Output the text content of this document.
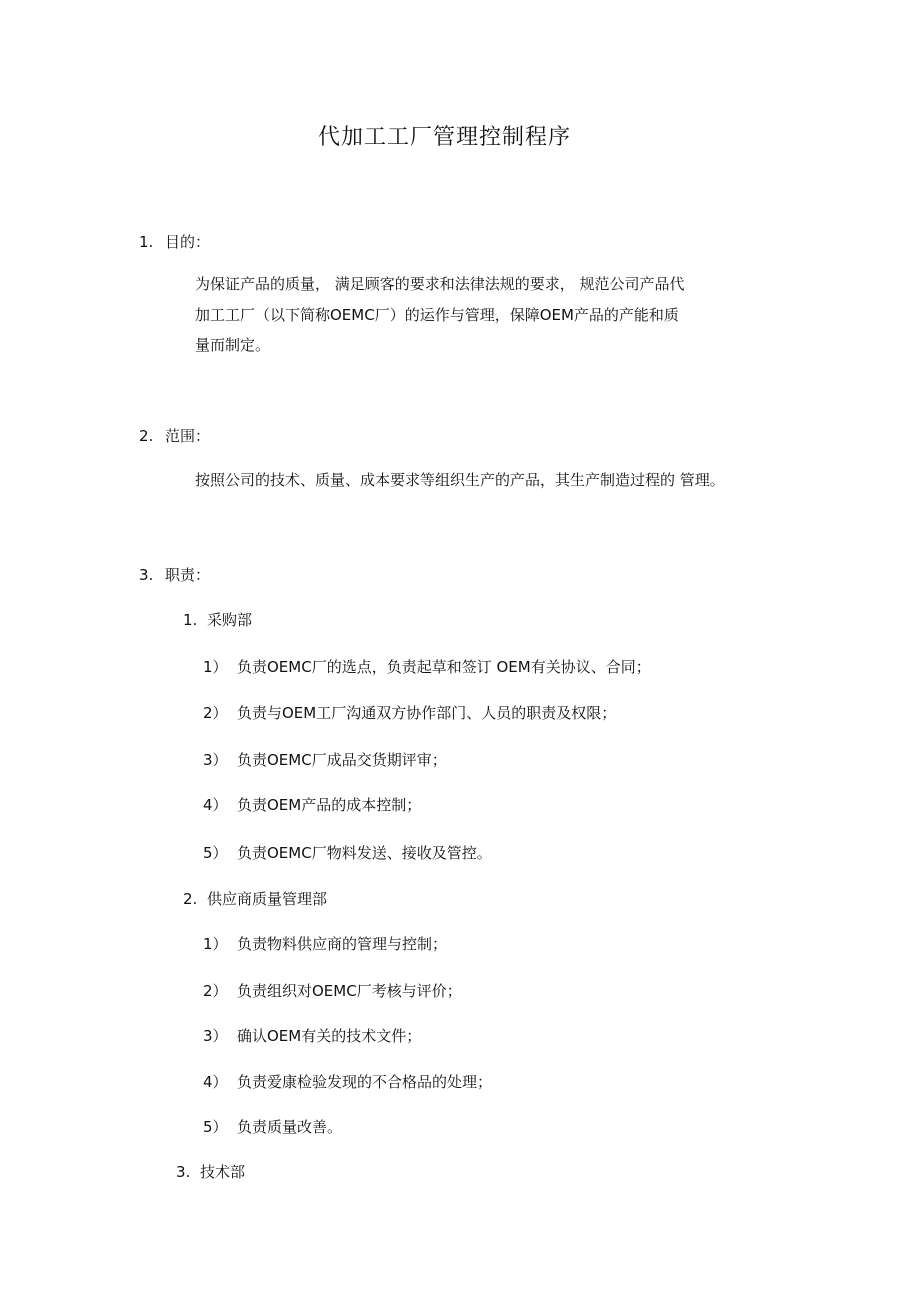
代加工工厂管理控制程序
1. 目的：
为保证产品的质量， 满足顾客的要求和法律法规的要求， 规范公司产品代
加工工厂（以下简称OEMC厂）的运作与管理，保障OEM产品的产能和质
量而制定。
2. 范围：
按照公司的技术、质量、成本要求等组织生产的产品，其生产制造过程的 管理。
3. 职责：
1. 采购部
1） 负责OEMC厂的选点，负责起草和签订 OEM有关协议、合同；
2） 负责与OEM工厂沟通双方协作部门、人员的职责及权限；
3） 负责OEMC厂成品交货期评审；
4） 负责OEM产品的成本控制；
5） 负责OEMC厂物料发送、接收及管控。
2. 供应商质量管理部
1） 负责物料供应商的管理与控制；
2） 负责组织对OEMC厂考核与评价；
3） 确认OEM有关的技术文件；
4） 负责爱康检验发现的不合格品的处理；
5） 负责质量改善。
3. 技术部
